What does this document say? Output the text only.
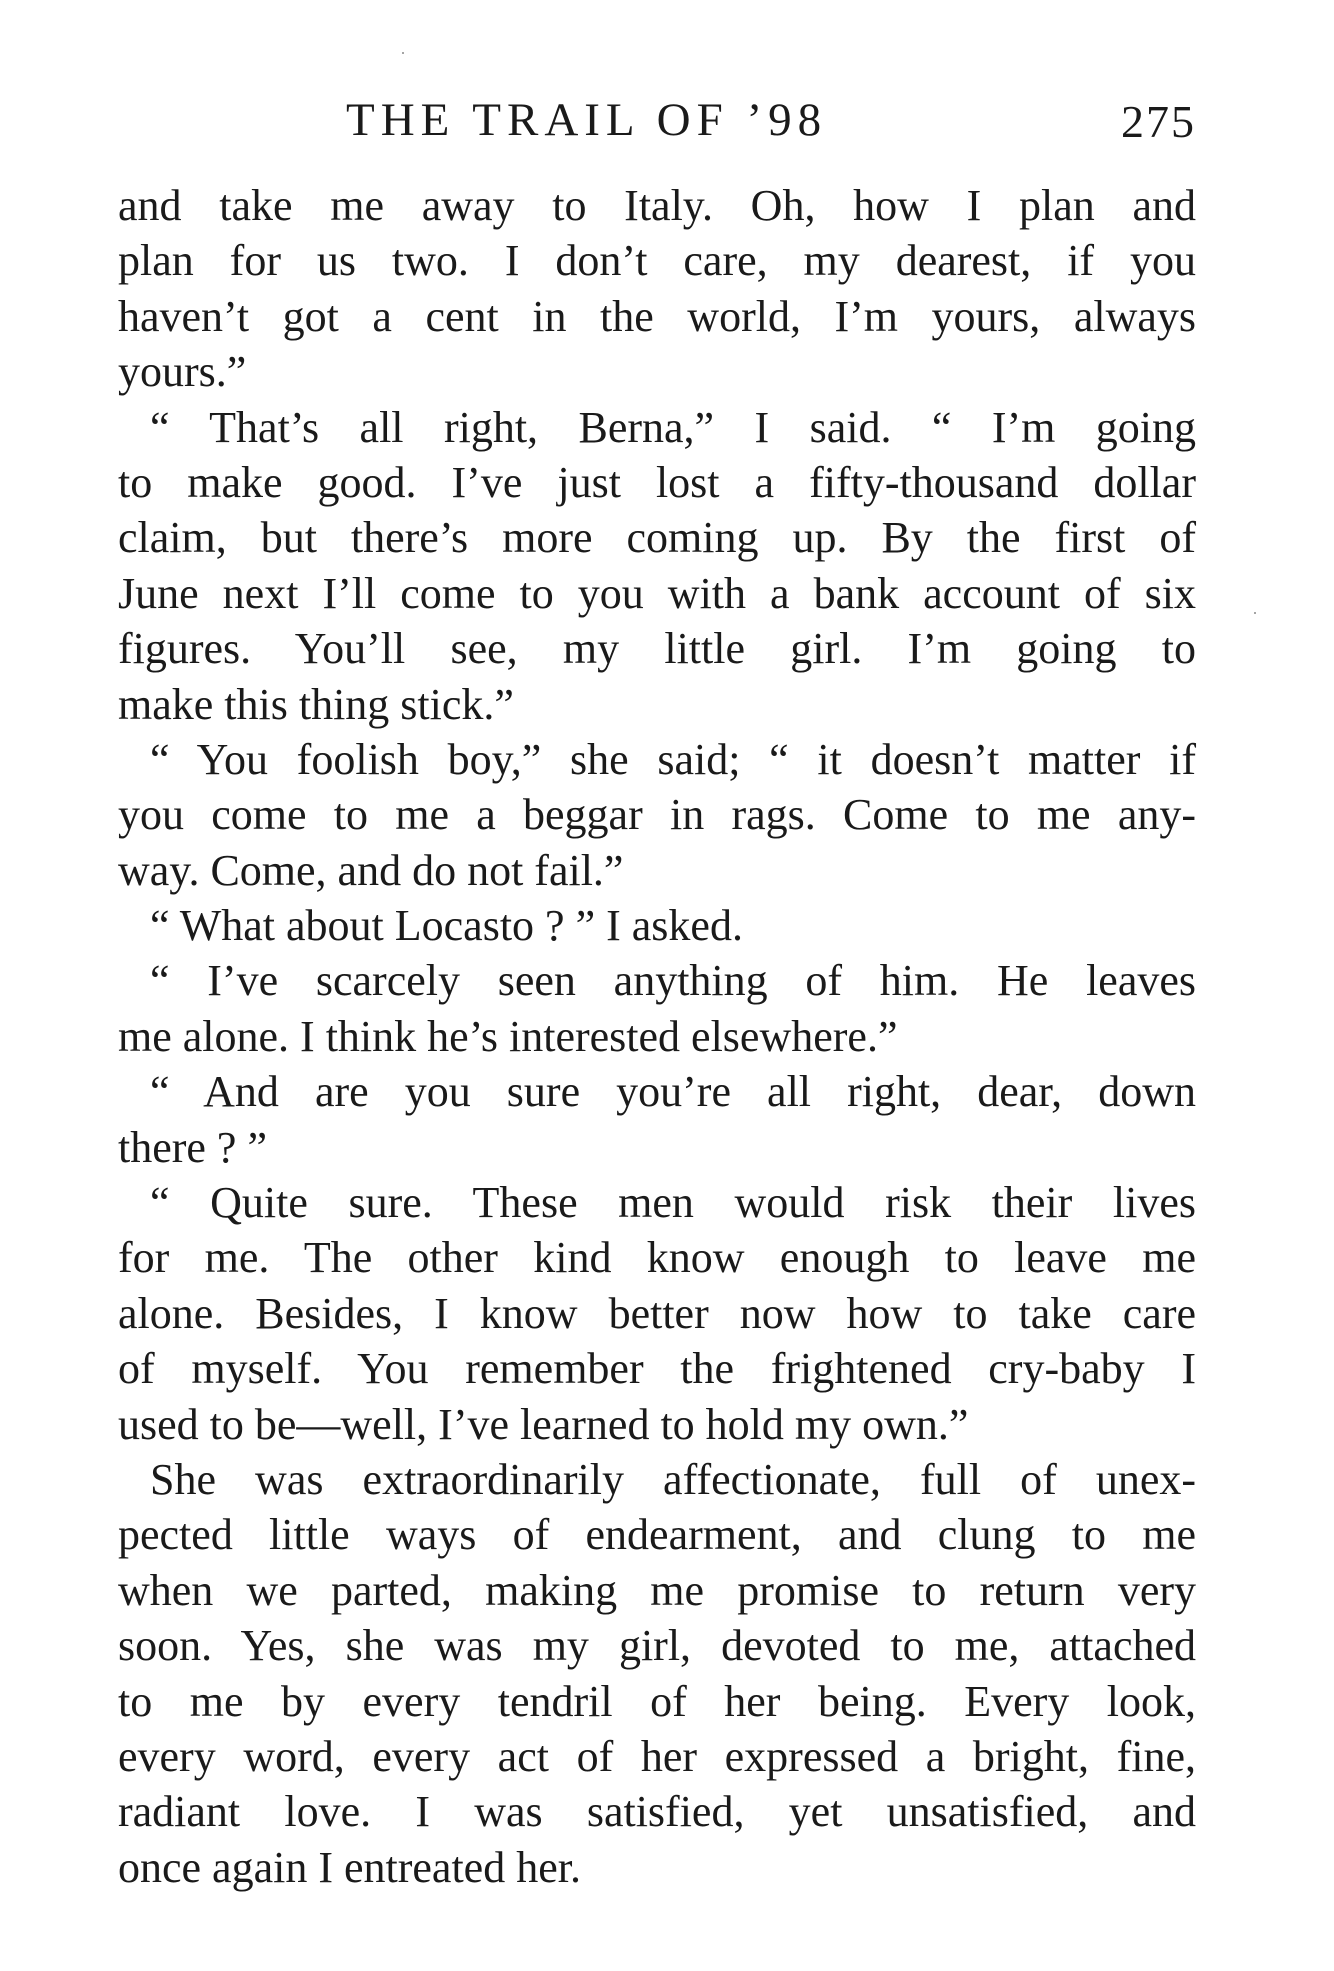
THE TRAIL OF ’98	275
and take me away to Italy. Oh, how I plan and
plan for us two. I don’t care, my dearest, if you
haven’t got a cent in the world, I’m yours, always
yours.”
“ That’s all right, Berna,” I said. “ I’m going
to make good. I’ve just lost a fifty-thousand dollar
claim, but there’s more coming up. By the first of
June next I’ll come to you with a bank account of six
figures. You’ll see, my little girl. I’m going to
make this thing stick.”
“ You foolish boy,” she said; “ it doesn’t matter if
you come to me a beggar in rags. Come to me any-
way. Come, and do not fail.”
“ What about Locasto ? ” I asked.
“ I’ve scarcely seen anything of him. He leaves
me alone. I think he’s interested elsewhere.”
“ And are you sure you’re all right, dear, down
there ? ”
“ Quite sure. These men would risk their lives
for me. The other kind know enough to leave me
alone. Besides, I know better now how to take care
of myself. You remember the frightened cry-baby I
used to be—well, I’ve learned to hold my own.”
She was extraordinarily affectionate, full of unex-
pected little ways of endearment, and clung to me
when we parted, making me promise to return very
soon. Yes, she was my girl, devoted to me, attached
to me by every tendril of her being. Every look,
every word, every act of her expressed a bright, fine,
radiant love. I was satisfied, yet unsatisfied, and
once again I entreated her.
